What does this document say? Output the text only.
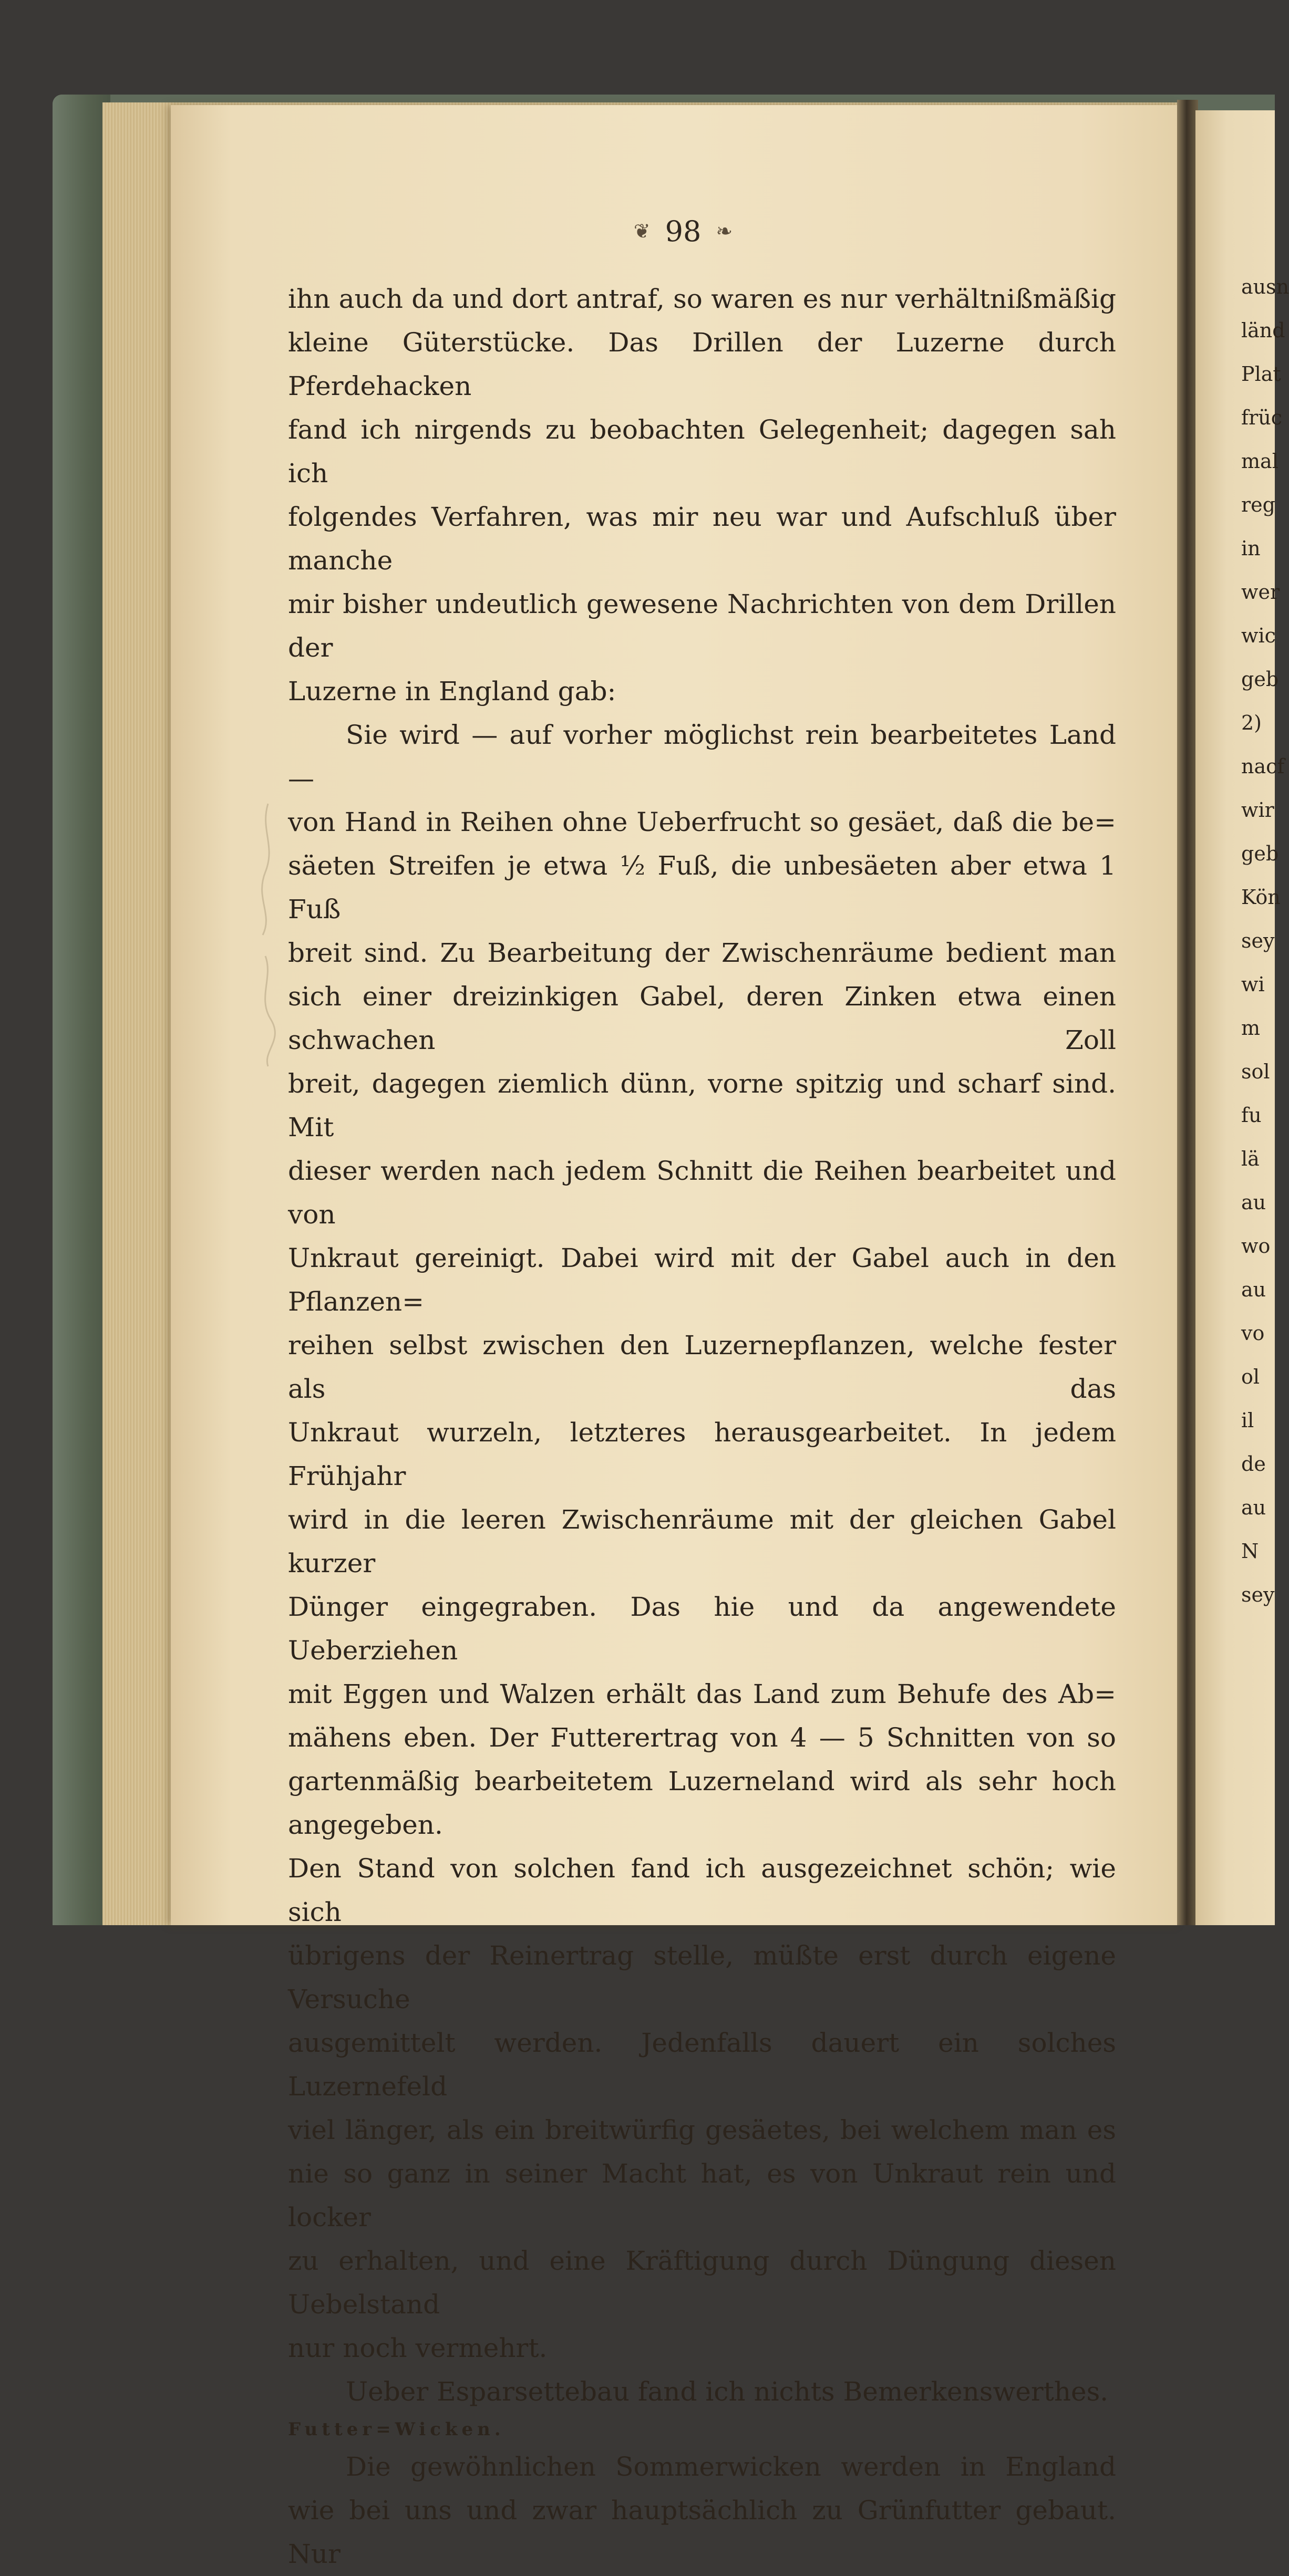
❦ 98 ❧

ihn auch da und dort antraf, so waren es nur verhältnißmäßig

kleine Güterstücke. Das Drillen der Luzerne durch Pferdehacken

fand ich nirgends zu beobachten Gelegenheit; dagegen sah ich

folgendes Verfahren, was mir neu war und Aufschluß über manche

mir bisher undeutlich gewesene Nachrichten von dem Drillen der

Luzerne in England gab:

Sie wird — auf vorher möglichst rein bearbeitetes Land —

von Hand in Reihen ohne Ueberfrucht so gesäet, daß die be=

säeten Streifen je etwa ½ Fuß, die unbesäeten aber etwa 1 Fuß

breit sind. Zu Bearbeitung der Zwischenräume bedient man

sich einer dreizinkigen Gabel, deren Zinken etwa einen schwachen Zoll

breit, dagegen ziemlich dünn, vorne spitzig und scharf sind. Mit

dieser werden nach jedem Schnitt die Reihen bearbeitet und von

Unkraut gereinigt. Dabei wird mit der Gabel auch in den Pflanzen=

reihen selbst zwischen den Luzernepflanzen, welche fester als das

Unkraut wurzeln, letzteres herausgearbeitet. In jedem Frühjahr

wird in die leeren Zwischenräume mit der gleichen Gabel kurzer

Dünger eingegraben. Das hie und da angewendete Ueberziehen

mit Eggen und Walzen erhält das Land zum Behufe des Ab=

mähens eben. Der Futterertrag von 4 — 5 Schnitten von so

gartenmäßig bearbeitetem Luzerneland wird als sehr hoch angegeben.

Den Stand von solchen fand ich ausgezeichnet schön; wie sich

übrigens der Reinertrag stelle, müßte erst durch eigene Versuche

ausgemittelt werden. Jedenfalls dauert ein solches Luzernefeld

viel länger, als ein breitwürfig gesäetes, bei welchem man es

nie so ganz in seiner Macht hat, es von Unkraut rein und locker

zu erhalten, und eine Kräftigung durch Düngung diesen Uebelstand

nur noch vermehrt.

Ueber Esparsettebau fand ich nichts Bemerkenswerthes.

Futter=Wicken.

Die gewöhnlichen Sommerwicken werden in England

wie bei uns und zwar hauptsächlich zu Grünfutter gebaut. Nur

ausn
länd
Plat
früc
mal
reg
in
wer
wic
geb
2)
nacf
wir
geb
Kön
sey
wi
m
sol
fu
lä
au
wo
au
vo
ol
il
de
au
N
sey
